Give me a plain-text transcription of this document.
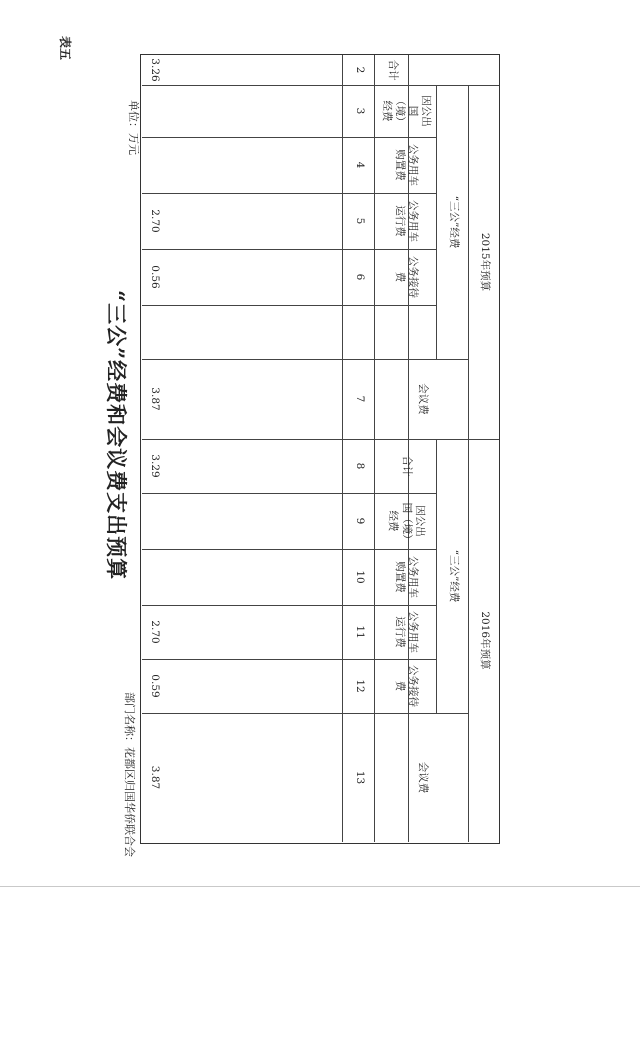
表五
单位：万元
“三公”经费和会议费支出预算
部门名称：花都区归国华侨联合会
2015年预算
2016年预算
“三公”经费
“三公”经费
会议费
会议费
合计
因公出国（境）经费
公务用车购置费
公务用车运行费
公务接待费
合计
因公出国（境）经费
公务用车购置费
公务用车运行费
公务接待费
2
3
4
5
6
7
8
9
10
11
12
13
3.26
2.70
0.56
3.87
3.29
2.70
0.59
3.87
